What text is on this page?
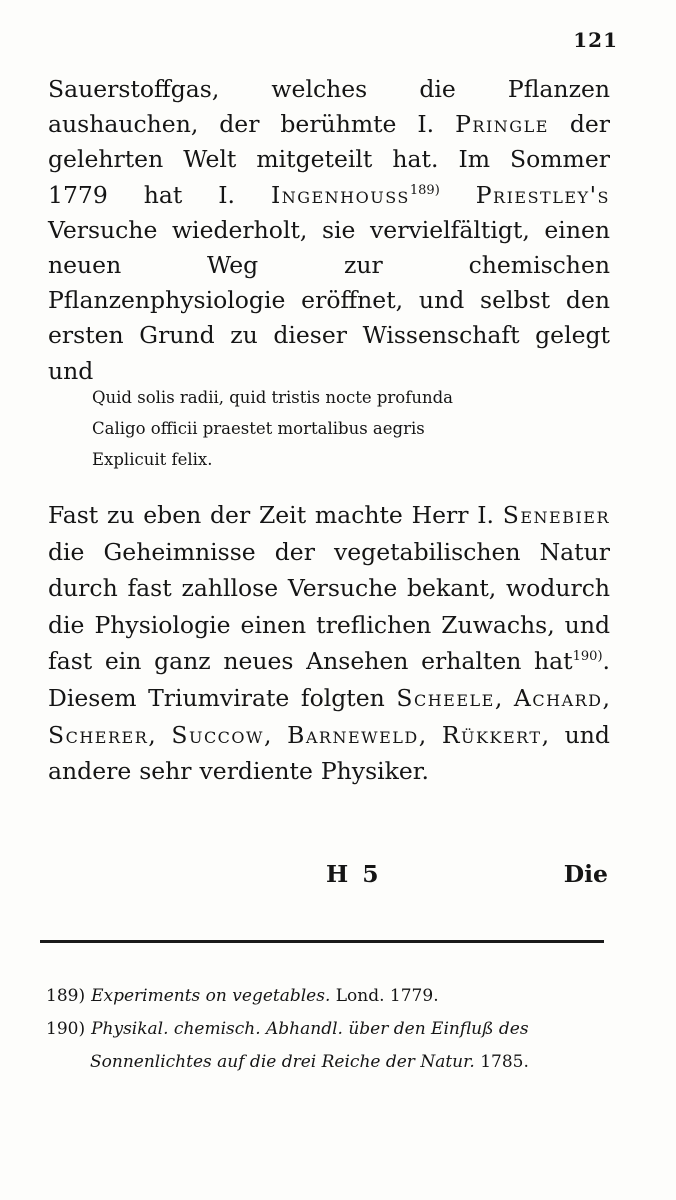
121

Sauerstoffgas, welches die Pflanzen aushauchen, der berühmte I. Pringle der gelehrten Welt mitgeteilt hat. Im Sommer 1779 hat I. Ingenhouss$^{189)}$ Priestley's Versuche wiederholt, sie vervielfältigt, einen neuen Weg zur chemischen Pflanzenphysiologie eröffnet, und selbst den ersten Grund zu dieser Wissenschaft gelegt und

Quid solis radii, quid tristis nocte profunda
Caligo officii praestet mortalibus aegris
Explicuit felix.

Fast zu eben der Zeit machte Herr I. Senebier die Geheimnisse der vegetabilischen Natur durch fast zahllose Versuche bekant, wodurch die Physiologie einen treflichen Zuwachs, und fast ein ganz neues Ansehen erhalten hat$^{190)}$. Diesem Triumvirate folgten Scheele, Achard, Scherer, Succow, Barneweld, Rükkert, und andere sehr verdiente Physiker.

H 5	Die
189) Experiments on vegetables. Lond. 1779.
190) Physikal. chemisch. Abhandl. über den Einfluß des
Sonnenlichtes auf die drei Reiche der Natur. 1785.
